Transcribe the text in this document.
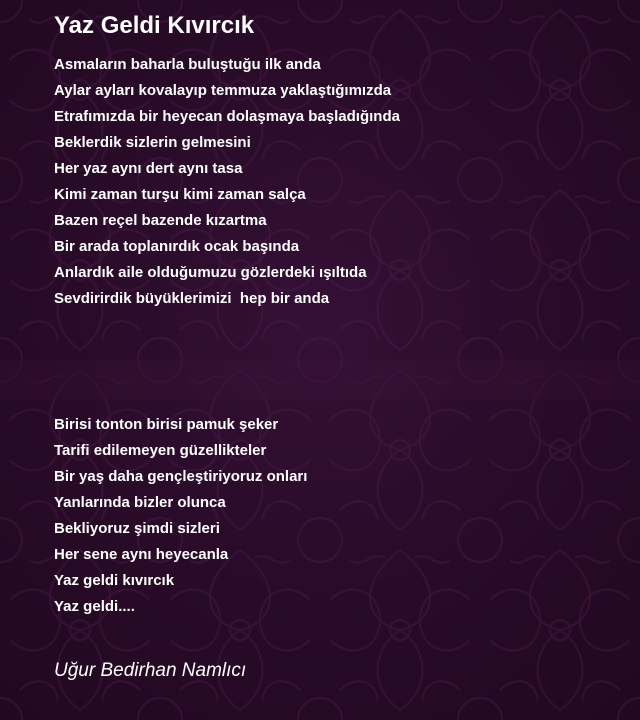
Yaz Geldi Kıvırcık
Asmaların baharla buluştuğu ilk anda
Aylar ayları kovalayıp temmuza yaklaştığımızda
Etrafımızda bir heyecan dolaşmaya başladığında
Beklerdik sizlerin gelmesini
Her yaz aynı dert aynı tasa
Kimi zaman turşu kimi zaman salça
Bazen reçel bazende kızartma
Bir arada toplanırdık ocak başında
Anlardık aile olduğumuzu gözlerdeki ışıltıda
Sevdirirdik büyüklerimizi  hep bir anda
Birisi tonton birisi pamuk şeker
Tarifi edilemeyen güzellikteler
Bir yaş daha gençleştiriyoruz onları
Yanlarında bizler olunca
Bekliyoruz şimdi sizleri
Her sene aynı heyecanla
Yaz geldi kıvırcık
Yaz geldi....

Uğur Bedirhan Namlıcı
